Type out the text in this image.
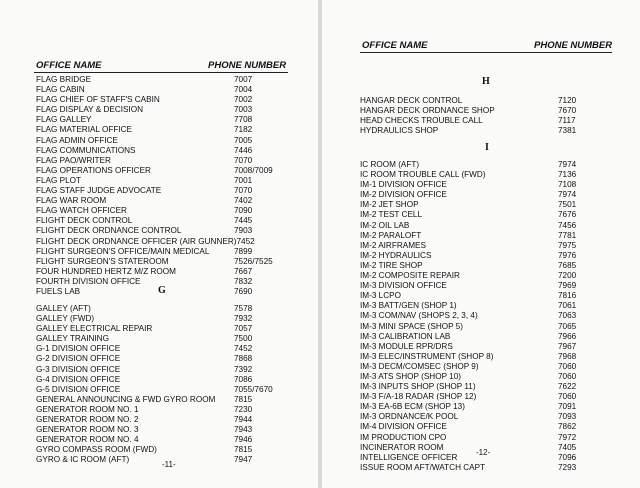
OFFICE NAME	PHONE NUMBER
FLAG BRIDGE	7007
FLAG CABIN	7004
FLAG CHIEF OF STAFF'S CABIN	7002
FLAG DISPLAY & DECISION	7003
FLAG GALLEY	7708
FLAG MATERIAL OFFICE	7182
FLAG ADMIN OFFICE	7005
FLAG COMMUNICATIONS	7446
FLAG PAO/WRITER	7070
FLAG OPERATIONS OFFICER	7008/7009
FLAG PLOT	7001
FLAG STAFF JUDGE ADVOCATE	7070
FLAG WAR ROOM	7402
FLAG WATCH OFFICER	7090
FLIGHT DECK CONTROL	7445
FLIGHT DECK ORDNANCE CONTROL	7903
FLIGHT DECK ORDNANCE OFFICER (AIR GUNNER) 7452
FLIGHT SURGEON'S OFFICE/MAIN MEDICAL	7899
FLIGHT SURGEON'S STATEROOM	7526/7525
FOUR HUNDRED HERTZ M/Z ROOM	7667
FOURTH DIVISION OFFICE	7832
FUELS LAB	7690
G
GALLEY (AFT)	7578
GALLEY (FWD)	7932
GALLEY ELECTRICAL REPAIR	7057
GALLEY TRAINING	7500
G-1 DIVISION OFFICE	7452
G-2 DIVISION OFFICE	7868
G-3 DIVISION OFFICE	7392
G-4 DIVISION OFFICE	7086
G-5 DIVISION OFFICE	7055/7670
GENERAL ANNOUNCING & FWD GYRO ROOM 7815
GENERATOR ROOM NO. 1	7230
GENERATOR ROOM NO. 2	7944
GENERATOR ROOM NO. 3	7943
GENERATOR ROOM NO. 4	7946
GYRO COMPASS ROOM (FWD)	7815
GYRO & IC ROOM (AFT)	7947
-11-
OFFICE NAME	PHONE NUMBER
H
HANGAR DECK CONTROL	7120
HANGAR DECK ORDNANCE SHOP	7670
HEAD CHECKS TROUBLE CALL	7117
HYDRAULICS SHOP	7381
I
IC ROOM (AFT)	7974
IC ROOM TROUBLE CALL (FWD)	7136
IM-1 DIVISION OFFICE	7108
IM-2 DIVISION OFFICE	7974
IM-2 JET SHOP	7501
IM-2 TEST CELL	7676
IM-2 OIL LAB	7456
IM-2 PARALOFT	7781
IM-2 AIRFRAMES	7975
IM-2 HYDRAULICS	7976
IM-2 TIRE SHOP	7685
IM-2 COMPOSITE REPAIR	7200
IM-3 DIVISION OFFICE	7969
IM-3 LCPO	7816
IM-3 BATT/GEN (SHOP 1)	7061
IM-3 COM/NAV (SHOPS 2, 3, 4)	7063
IM-3 MINI SPACE (SHOP 5)	7065
IM-3 CALIBRATION LAB	7966
IM-3 MODULE RPR/DRS	7967
IM-3 ELEC/INSTRUMENT (SHOP 8)	7968
IM-3 DECM/COMSEC (SHOP 9)	7060
IM-3 ATS SHOP (SHOP 10)	7060
IM-3 INPUTS SHOP (SHOP 11)	7622
IM-3 F/A-18 RADAR (SHOP 12)	7060
IM-3 EA-6B ECM (SHOP 13)	7091
IM-3 ORDNANCE/K POOL	7093
IM-4 DIVISION OFFICE	7862
IM PRODUCTION CPO	7972
INCINERATOR ROOM	7405
INTELLIGENCE OFFICER	7096
ISSUE ROOM AFT/WATCH CAPT	7293
-12-
